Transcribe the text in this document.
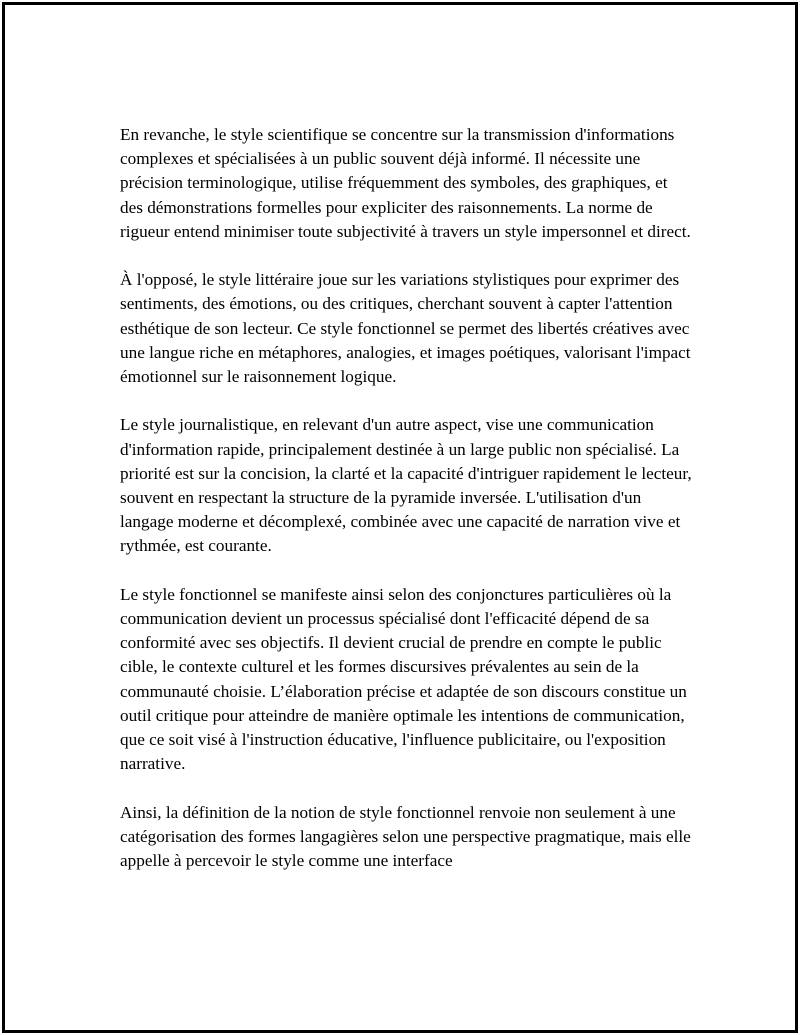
En revanche, le style scientifique se concentre sur la transmission d'informations complexes et spécialisées à un public souvent déjà informé. Il nécessite une précision terminologique, utilise fréquemment des symboles, des graphiques, et des démonstrations formelles pour expliciter des raisonnements. La norme de rigueur entend minimiser toute subjectivité à travers un style impersonnel et direct.

À l'opposé, le style littéraire joue sur les variations stylistiques pour exprimer des sentiments, des émotions, ou des critiques, cherchant souvent à capter l'attention esthétique de son lecteur. Ce style fonctionnel se permet des libertés créatives avec une langue riche en métaphores, analogies, et images poétiques, valorisant l'impact émotionnel sur le raisonnement logique.

Le style journalistique, en relevant d'un autre aspect, vise une communication d'information rapide, principalement destinée à un large public non spécialisé. La priorité est sur la concision, la clarté et la capacité d'intriguer rapidement le lecteur, souvent en respectant la structure de la pyramide inversée. L'utilisation d'un langage moderne et décomplexé, combinée avec une capacité de narration vive et rythmée, est courante.

Le style fonctionnel se manifeste ainsi selon des conjonctures particulières où la communication devient un processus spécialisé dont l'efficacité dépend de sa conformité avec ses objectifs. Il devient crucial de prendre en compte le public cible, le contexte culturel et les formes discursives prévalentes au sein de la communauté choisie. L’élaboration précise et adaptée de son discours constitue un outil critique pour atteindre de manière optimale les intentions de communication, que ce soit visé à l'instruction éducative, l'influence publicitaire, ou l'exposition narrative.

Ainsi, la définition de la notion de style fonctionnel renvoie non seulement à une catégorisation des formes langagières selon une perspective pragmatique, mais elle appelle à percevoir le style comme une interface
